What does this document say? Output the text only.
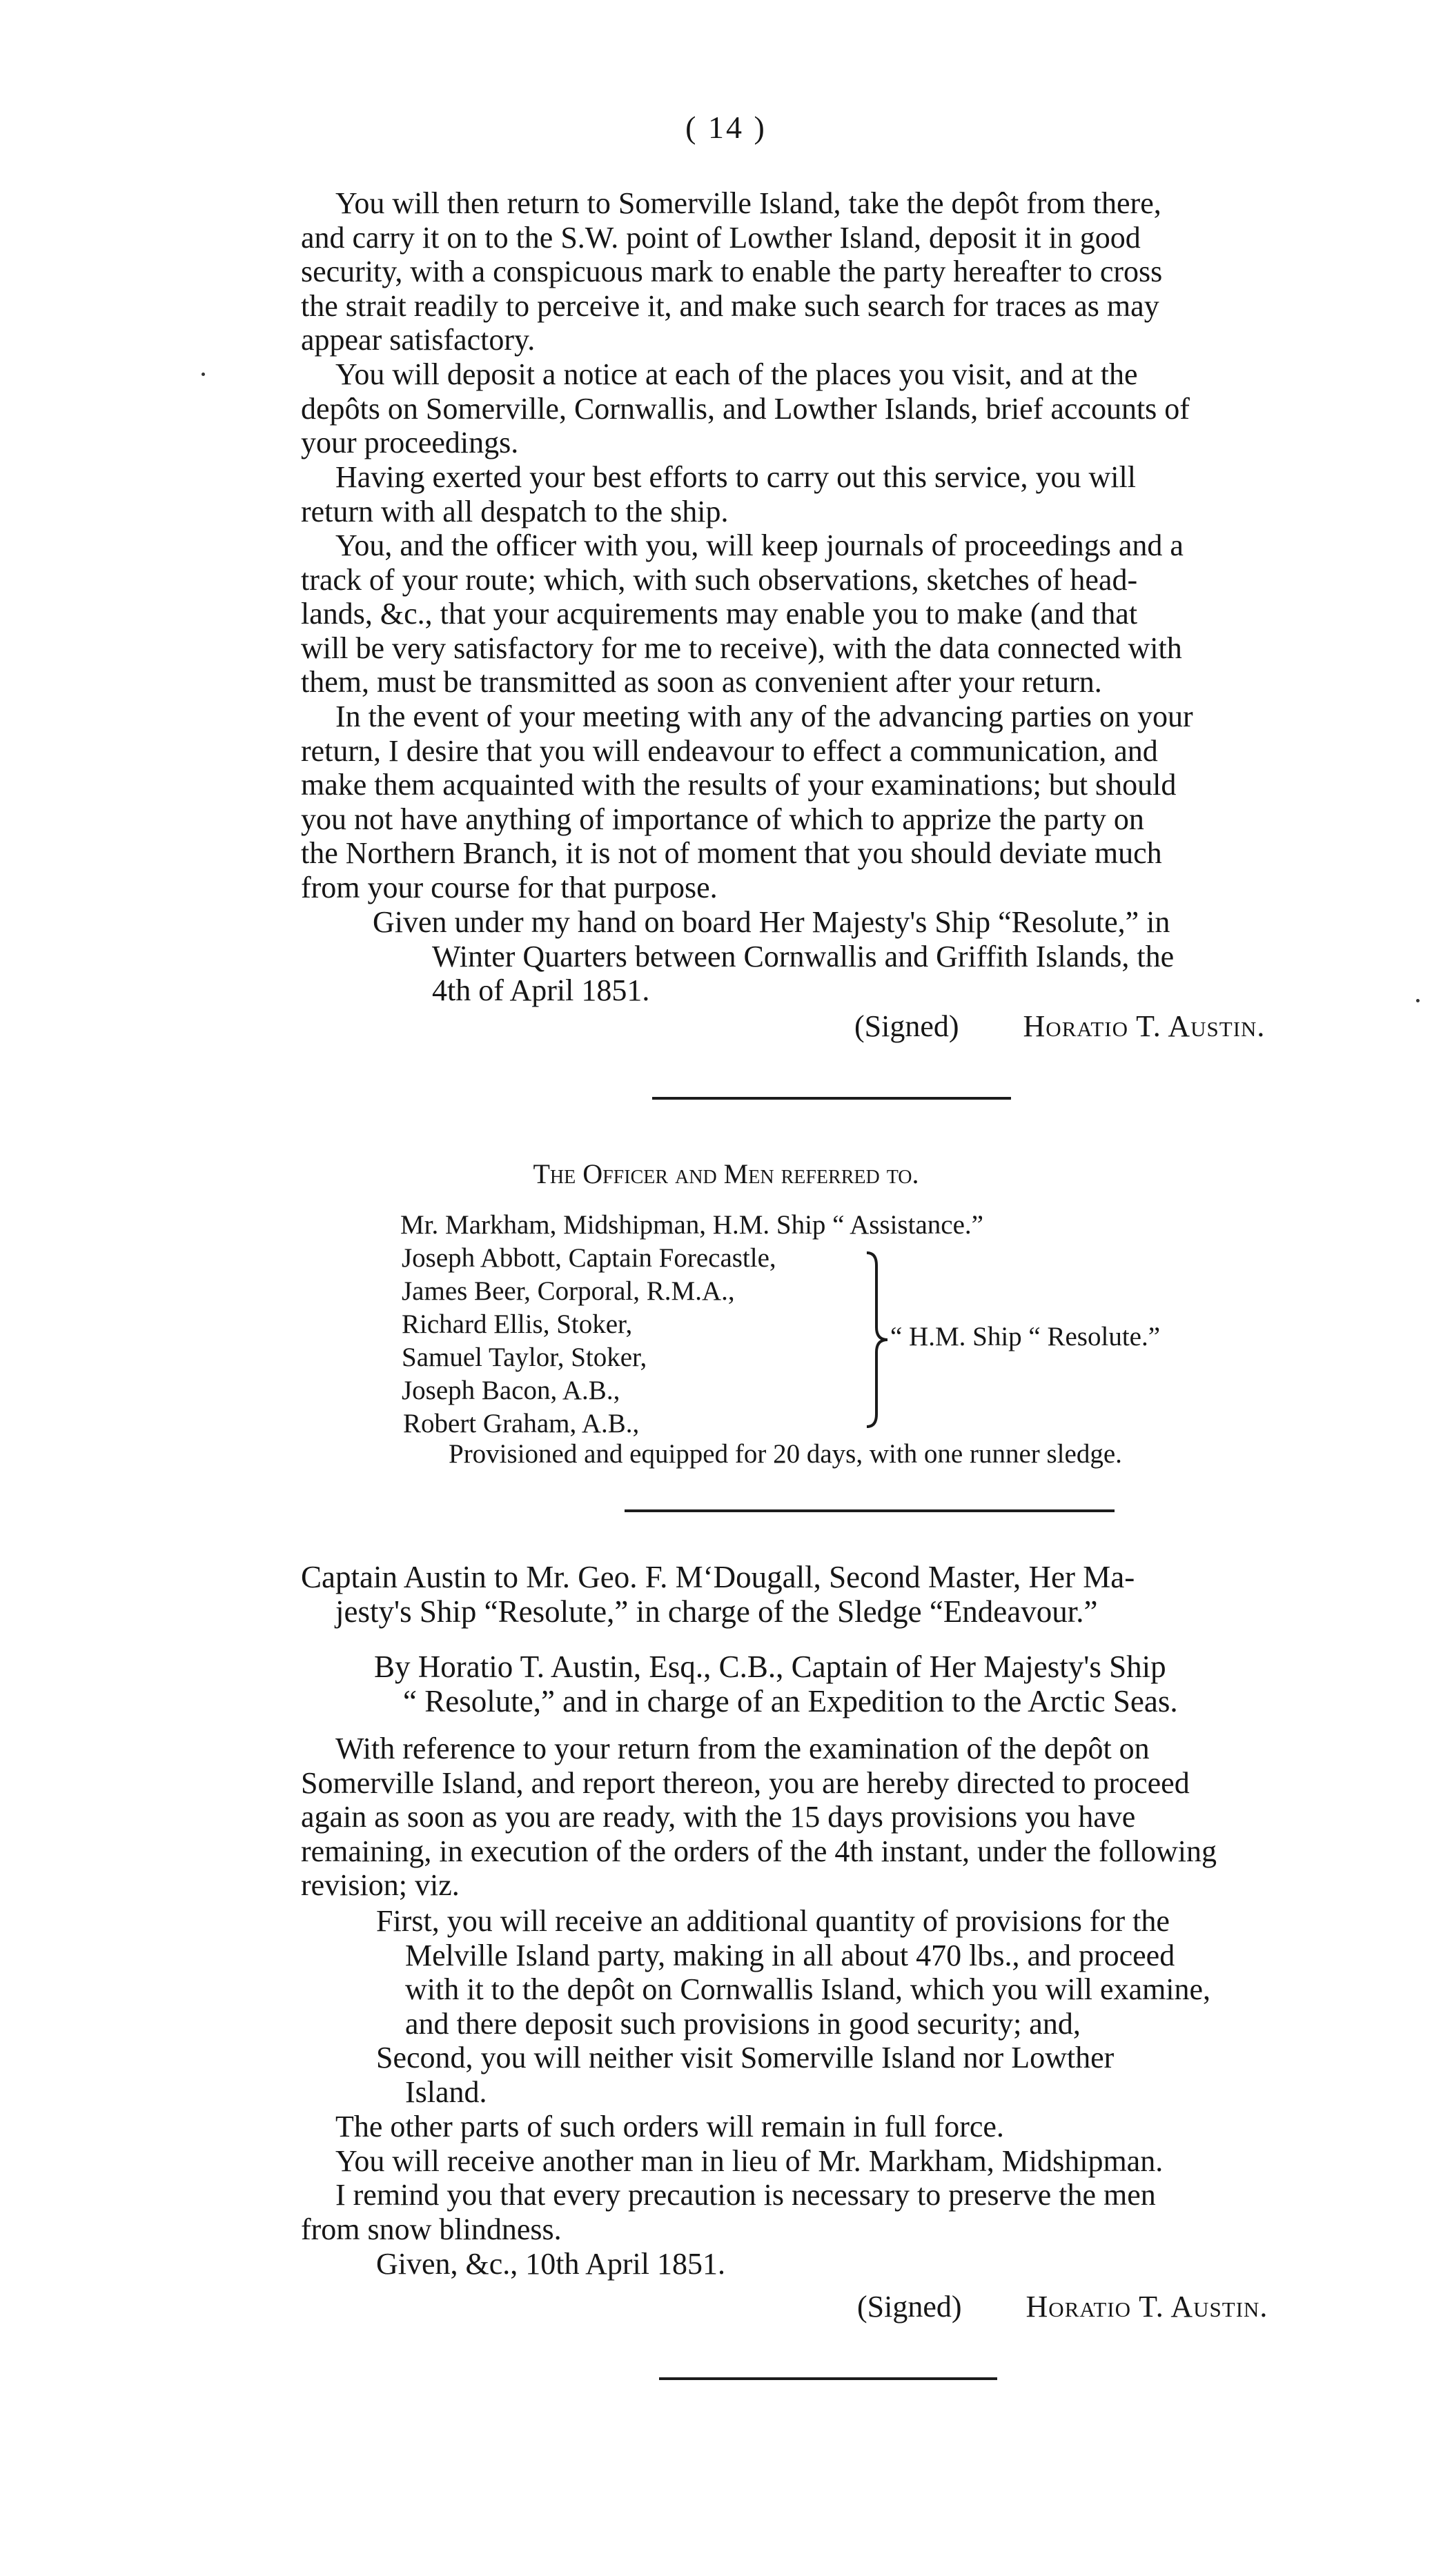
( 14 )

You will then return to Somerville Island, take the depôt from there,
and carry it on to the S.W. point of Lowther Island, deposit it in good
security, with a conspicuous mark to enable the party hereafter to cross
the strait readily to perceive it, and make such search for traces as may
appear satisfactory.

You will deposit a notice at each of the places you visit, and at the
depôts on Somerville, Cornwallis, and Lowther Islands, brief accounts of
your proceedings.

Having exerted your best efforts to carry out this service, you will
return with all despatch to the ship.

You, and the officer with you, will keep journals of proceedings and a
track of your route; which, with such observations, sketches of head-
lands, &c., that your acquirements may enable you to make (and that
will be very satisfactory for me to receive), with the data connected with
them, must be transmitted as soon as convenient after your return.

In the event of your meeting with any of the advancing parties on your
return, I desire that you will endeavour to effect a communication, and
make them acquainted with the results of your examinations; but should
you not have anything of importance of which to apprize the party on
the Northern Branch, it is not of moment that you should deviate much
from your course for that purpose.

Given under my hand on board Her Majesty's Ship “Resolute,” in
Winter Quarters between Cornwallis and Griffith Islands, the
4th of April 1851.
(Signed) Horatio T. Austin.
The Officer and Men referred to.
Mr. Markham, Midshipman, H.M. Ship “ Assistance.”
Joseph Abbott, Captain Forecastle,
James Beer, Corporal, R.M.A.,
Richard Ellis, Stoker,
Samuel Taylor, Stoker,
Joseph Bacon, A.B.,
Robert Graham, A.B.,
“ H.M. Ship “ Resolute.”
Provisioned and equipped for 20 days, with one runner sledge.
Captain Austin to Mr. Geo. F. M‘Dougall, Second Master, Her Ma-
jesty's Ship “Resolute,” in charge of the Sledge “Endeavour.”
By Horatio T. Austin, Esq., C.B., Captain of Her Majesty's Ship
“ Resolute,” and in charge of an Expedition to the Arctic Seas.

With reference to your return from the examination of the depôt on
Somerville Island, and report thereon, you are hereby directed to proceed
again as soon as you are ready, with the 15 days provisions you have
remaining, in execution of the orders of the 4th instant, under the following
revision; viz.

First, you will receive an additional quantity of provisions for the
Melville Island party, making in all about 470 lbs., and proceed
with it to the depôt on Cornwallis Island, which you will examine,
and there deposit such provisions in good security; and,
Second, you will neither visit Somerville Island nor Lowther
Island.
The other parts of such orders will remain in full force.
You will receive another man in lieu of Mr. Markham, Midshipman.
I remind you that every precaution is necessary to preserve the men
from snow blindness.
Given, &c., 10th April 1851.
(Signed) Horatio T. Austin.
